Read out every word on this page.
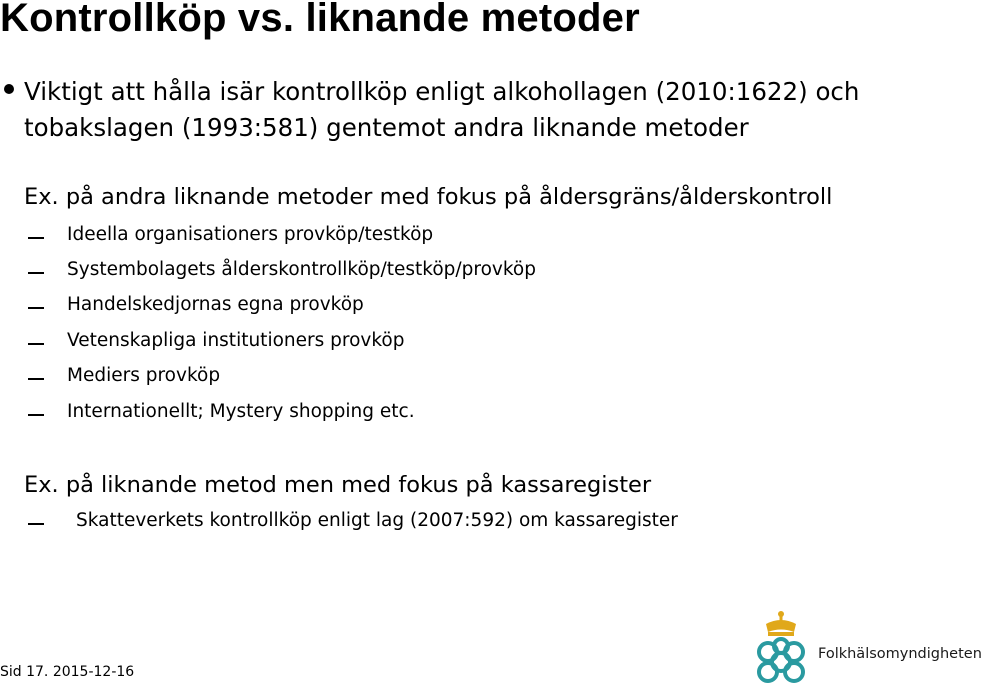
Kontrollköp vs. liknande metoder
Viktigt att hålla isär kontrollköp enligt alkohollagen (2010:1622) och
tobakslagen (1993:581) gentemot andra liknande metoder
Ex. på andra liknande metoder med fokus på åldersgräns/ålderskontroll
Ideella organisationers provköp/testköp
Systembolagets ålderskontrollköp/testköp/provköp
Handelskedjornas egna provköp
Vetenskapliga institutioners provköp
Mediers provköp
Internationellt; Mystery shopping etc.
Ex. på liknande metod men med fokus på kassaregister
Skatteverkets kontrollköp enligt lag (2007:592) om kassaregister
Sid 17. 2015-12-16
Folkhälsomyndigheten
